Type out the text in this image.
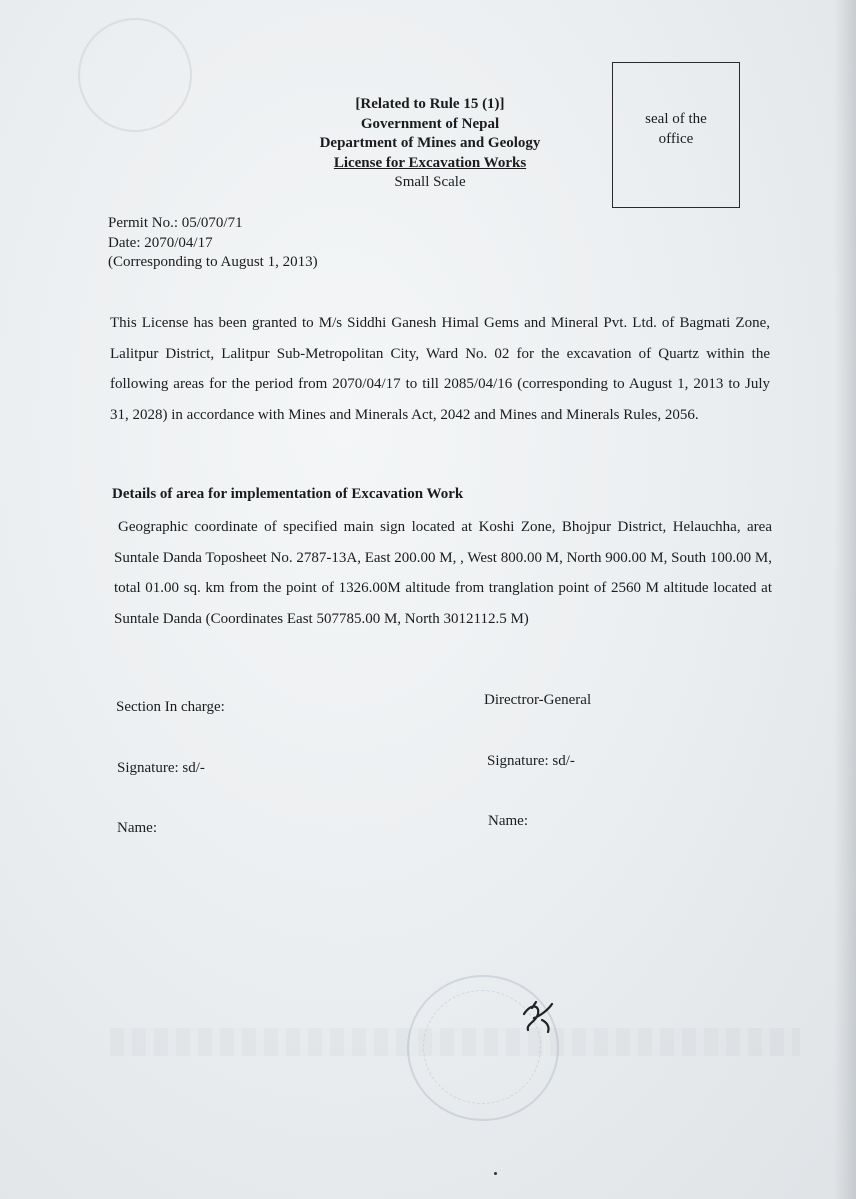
[Related to Rule 15 (1)]
Government of Nepal
Department of Mines and Geology
License for Excavation Works
Small Scale
seal of the office
Permit No.: 05/070/71
Date: 2070/04/17
(Corresponding to August 1, 2013)
This License has been granted to M/s Siddhi Ganesh Himal Gems and Mineral Pvt. Ltd. of Bagmati Zone, Lalitpur District, Lalitpur Sub-Metropolitan City, Ward No. 02 for the excavation of Quartz within the following areas for the period from 2070/04/17 to till 2085/04/16 (corresponding to August 1, 2013 to July 31, 2028) in accordance with Mines and Minerals Act, 2042 and Mines and Minerals Rules, 2056.
Details of area for implementation of Excavation Work
Geographic coordinate of specified main sign located at Koshi Zone, Bhojpur District, Helauchha, area Suntale Danda Toposheet No. 2787-13A, East 200.00 M, , West 800.00 M, North 900.00 M, South 100.00 M, total 01.00 sq. km from the point of 1326.00M altitude from tranglation point of 2560 M altitude located at Suntale Danda (Coordinates East 507785.00 M, North 3012112.5 M)
Section In charge:	Directror-General
Signature: sd/-	Signature: sd/-
Name:	Name:
